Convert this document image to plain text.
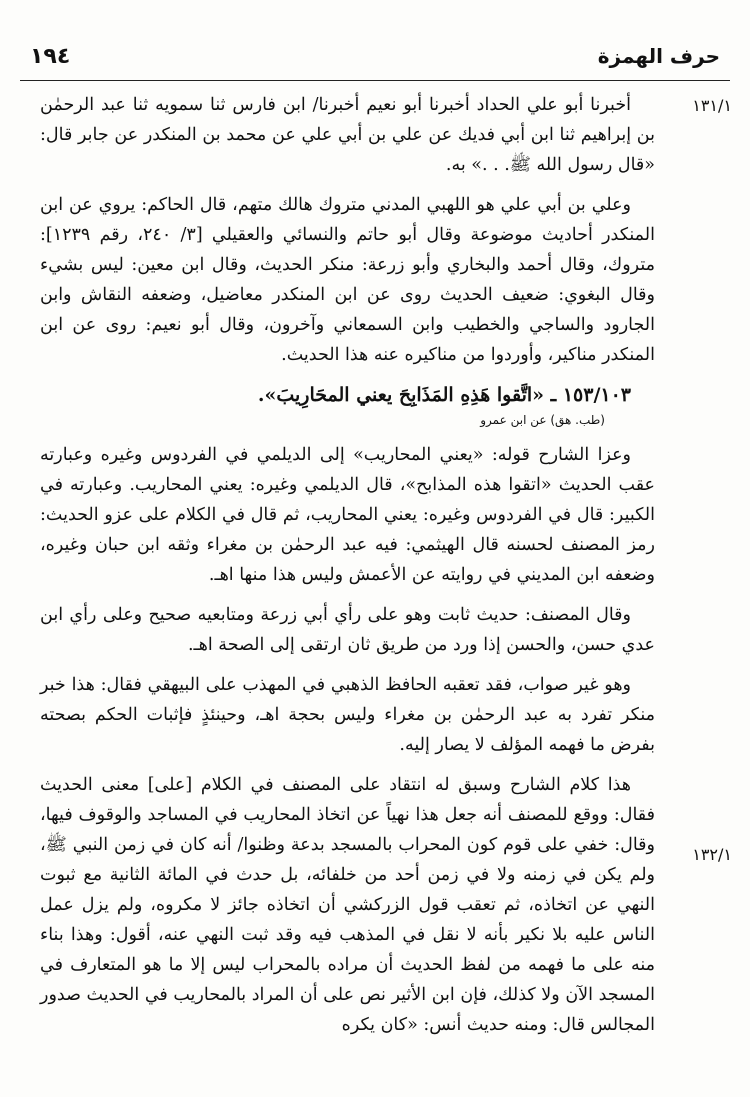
١٩٤	حرف الهمزة
١٣١/١
١٣٢/١

أخبرنا أبو علي الحداد أخبرنا أبو نعيم أخبرنا/ ابن فارس ثنا سمويه ثنا عبد الرحمٰن بن إبراهيم ثنا ابن أبي فديك عن علي بن أبي علي عن محمد بن المنكدر عن جابر قال: «قال رسول الله ﷺ. . .» به.

وعلي بن أبي علي هو اللهبي المدني متروك هالك متهم، قال الحاكم: يروي عن ابن المنكدر أحاديث موضوعة وقال أبو حاتم والنسائي والعقيلي [٣/ ٢٤٠، رقم ١٢٣٩]: متروك، وقال أحمد والبخاري وأبو زرعة: منكر الحديث، وقال ابن معين: ليس بشيء وقال البغوي: ضعيف الحديث روى عن ابن المنكدر معاضيل، وضعفه النقاش وابن الجارود والساجي والخطيب وابن السمعاني وآخرون، وقال أبو نعيم: روى عن ابن المنكدر مناكير، وأوردوا من مناكيره عنه هذا الحديث.

١٥٣/١٠٣ ـ «اتَّقوا هَذِهِ المَذَابِحَ يعني المحَارِيبَ».

(طب. هق) عن ابن عمرو

وعزا الشارح قوله: «يعني المحاريب» إلى الديلمي في الفردوس وغيره وعبارته عقب الحديث «اتقوا هذه المذابح»، قال الديلمي وغيره: يعني المحاريب. وعبارته في الكبير: قال في الفردوس وغيره: يعني المحاريب، ثم قال في الكلام على عزو الحديث: رمز المصنف لحسنه قال الهيثمي: فيه عبد الرحمٰن بن مغراء وثقه ابن حبان وغيره، وضعفه ابن المديني في روايته عن الأعمش وليس هذا منها اهـ.

وقال المصنف: حديث ثابت وهو على رأي أبي زرعة ومتابعيه صحيح وعلى رأي ابن عدي حسن، والحسن إذا ورد من طريق ثان ارتقى إلى الصحة اهـ.

وهو غير صواب، فقد تعقبه الحافظ الذهبي في المهذب على البيهقي فقال: هذا خبر منكر تفرد به عبد الرحمٰن بن مغراء وليس بحجة اهـ، وحينئذٍ فإثبات الحكم بصحته بفرض ما فهمه المؤلف لا يصار إليه.

هذا كلام الشارح وسبق له انتقاد على المصنف في الكلام [على] معنى الحديث فقال: ووقع للمصنف أنه جعل هذا نهياً عن اتخاذ المحاريب في المساجد والوقوف فيها، وقال: خفي على قوم كون المحراب بالمسجد بدعة وظنوا/ أنه كان في زمن النبي ﷺ، ولم يكن في زمنه ولا في زمن أحد من خلفائه، بل حدث في المائة الثانية مع ثبوت النهي عن اتخاذه، ثم تعقب قول الزركشي أن اتخاذه جائز لا مكروه، ولم يزل عمل الناس عليه بلا نكير بأنه لا نقل في المذهب فيه وقد ثبت النهي عنه، أقول: وهذا بناء منه على ما فهمه من لفظ الحديث أن مراده بالمحراب ليس إلا ما هو المتعارف في المسجد الآن ولا كذلك، فإن ابن الأثير نص على أن المراد بالمحاريب في الحديث صدور المجالس قال: ومنه حديث أنس: «كان يكره
